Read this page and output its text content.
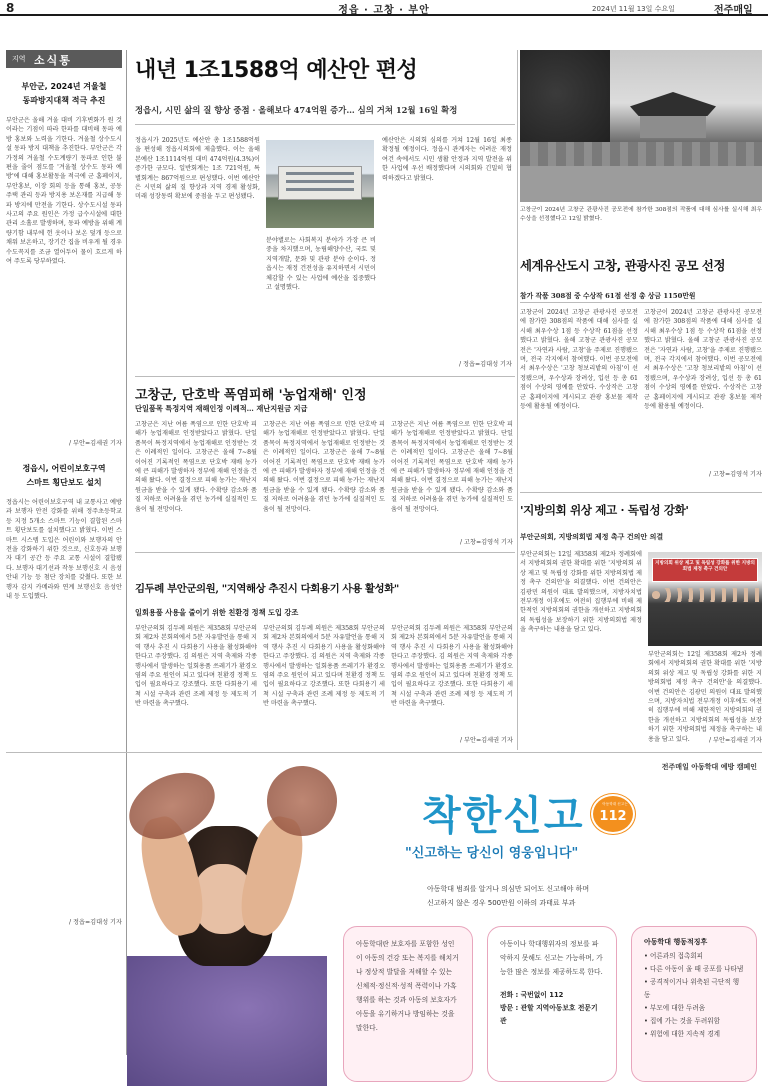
8	정읍 · 고창 · 부안	2024년 11월 13일 수요일	전주매일
지역 소식통
부안군, 2024년 겨울철
동파방지대책 적극 추진
부안군은 올해 겨울 대비 기후변화가 원 것이라는 기점이 따라 한파를 대비해 동파 예방 홍보와 노력을 기한다. 겨울철 상수도시설 동파 방지 대책을 추진한다. 부안군은 각 가정의 겨울철 수도계량기 동파로 인한 불편을 줄이 점도를 '겨울철 상수도 동파 예방'에 대해 홍보활동을 적극에 군 홈페이지, 부안홍보, 이장 회의 등을 통해 홍보, 공동주택 관리 등과 방지용 보온재를 지급해 동파 방지에 만전을 기한다. 상수도시설 동파 사고의 주요 원인은 가정 급수시설에 대한 관리 소홀로 발생하며, 동파 예방을 위해 계량기함 내부에 헌 옷이나 보온 덮개 등으로 채워 보온하고, 장기간 집을 비우게 될 경우 수도꼭지를 조금 열어두어 물이 흐르게 하여 주도록 당부하였다.
/ 부안=김세권 기자
정읍시, 어린이보호구역
스마트 횡단보도 설치
정읍시는 어린이보호구역 내 교통사고 예방과 보행자 안전 강화를 위해 정주초등학교 등 지정 5개소 스마트 기능이 결합된 스마트 횡단보도를 설치했다고 밝혔다. 이번 스마트 시스템 도입은 어린이와 보행자의 안전을 강화하기 위한 것으로, 신호등과 보행자 대기 공간 등 주요 교통 시설이 결합됐다. 보행자 대기선과 작동 보행신호 시 음성안내 기능 등 첨단 장치를 갖췄다. 또한 보행자 감지 카메라와 연계 보행신호 음성안내 등 도입했다.
/ 정읍=김대성 기자
내년 1조1588억 예산안 편성
정읍시, 시민 삶의 질 향상 중점 · 올해보다 474억원 증가… 심의 거쳐 12월 16일 확정
정읍시가 2025년도 예산안 총 1조1588억원을 편성해 정읍시의회에 제출했다. 이는 올해 본예산 1조1114억원 대비 474억원(4.3%)이 증가한 규모다. 일반회계는 1조 721억원, 특별회계는 867억원으로 편성했다. 이번 예산안은 시민의 삶의 질 향상과 지역 경제 활성화, 미래 성장동력 확보에 중점을 두고 편성됐다.
분야별로는 사회복지 분야가 가장 큰 비중을 차지했으며, 농림해양수산, 국토 및 지역개발, 문화 및 관광 분야 순이다. 정읍시는 재정 건전성을 유지하면서 시민이 체감할 수 있는 사업에 예산을 집중했다고 설명했다.
예산안은 시의회 심의를 거쳐 12월 16일 최종 확정될 예정이다. 정읍시 관계자는 어려운 재정 여건 속에서도 시민 생활 안정과 지역 발전을 위한 사업에 우선 배정했다며 시의회와 긴밀히 협력하겠다고 밝혔다.
/ 정읍=김대성 기자
고창군이 2024년 고창군 관광사진 공모전에 참가한 308점의 작품에 대해 심사를 실시해 최우수상을 선정했다고 12일 밝혔다.
세계유산도시 고창, 관광사진 공모 선정
참가 작품 308점 중 수상작 61점 선정 총 상금 1150만원
고창군이 2024년 고창군 관광사진 공모전에 참가한 308점의 작품에 대해 심사를 실시해 최우수상 1점 등 수상작 61점을 선정했다고 밝혔다. 올해 고창군 관광사진 공모전은 '자연과 사람, 고창'을 주제로 진행됐으며, 전국 각지에서 참여했다. 이번 공모전에서 최우수상은 '고창 청보리밭의 아침'이 선정됐으며, 우수상과 장려상, 입선 등 총 61점이 수상의 영예를 안았다. 수상작은 고창군 홈페이지에 게시되고 관광 홍보물 제작 등에 활용될 예정이다.
고창군이 2024년 고창군 관광사진 공모전에 참가한 308점의 작품에 대해 심사를 실시해 최우수상 1점 등 수상작 61점을 선정했다고 밝혔다. 올해 고창군 관광사진 공모전은 '자연과 사람, 고창'을 주제로 진행됐으며, 전국 각지에서 참여했다. 이번 공모전에서 최우수상은 '고창 청보리밭의 아침'이 선정됐으며, 우수상과 장려상, 입선 등 총 61점이 수상의 영예를 안았다. 수상작은 고창군 홈페이지에 게시되고 관광 홍보물 제작 등에 활용될 예정이다.
/ 고창=김영석 기자
고창군, 단호박 폭염피해 '농업재해' 인정
단일품목 특정지역 재해인정 이례적… 재난지원금 지급
고창군은 지난 여름 폭염으로 인한 단호박 피해가 농업재해로 인정받았다고 밝혔다. 단일품목이 특정지역에서 농업재해로 인정받는 것은 이례적인 일이다. 고창군은 올해 7~8월 이어진 기록적인 폭염으로 단호박 재배 농가에 큰 피해가 발생하자 정부에 재해 인정을 건의해 왔다. 이번 결정으로 피해 농가는 재난지원금을 받을 수 있게 됐다. 수확량 감소와 품질 저하로 어려움을 겪던 농가에 실질적인 도움이 될 전망이다.
고창군은 지난 여름 폭염으로 인한 단호박 피해가 농업재해로 인정받았다고 밝혔다. 단일품목이 특정지역에서 농업재해로 인정받는 것은 이례적인 일이다. 고창군은 올해 7~8월 이어진 기록적인 폭염으로 단호박 재배 농가에 큰 피해가 발생하자 정부에 재해 인정을 건의해 왔다. 이번 결정으로 피해 농가는 재난지원금을 받을 수 있게 됐다. 수확량 감소와 품질 저하로 어려움을 겪던 농가에 실질적인 도움이 될 전망이다.
고창군은 지난 여름 폭염으로 인한 단호박 피해가 농업재해로 인정받았다고 밝혔다. 단일품목이 특정지역에서 농업재해로 인정받는 것은 이례적인 일이다. 고창군은 올해 7~8월 이어진 기록적인 폭염으로 단호박 재배 농가에 큰 피해가 발생하자 정부에 재해 인정을 건의해 왔다. 이번 결정으로 피해 농가는 재난지원금을 받을 수 있게 됐다. 수확량 감소와 품질 저하로 어려움을 겪던 농가에 실질적인 도움이 될 전망이다.
/ 고창=김영석 기자
김두례 부안군의원, "지역해상 추진시 다회용기 사용 활성화"
일회용품 사용을 줄이기 위한 친환경 정책 도입 강조
부안군의회 김두례 의원은 제358회 부안군의회 제2차 본회의에서 5분 자유발언을 통해 지역 행사 추진 시 다회용기 사용을 활성화해야 한다고 주장했다. 김 의원은 지역 축제와 각종 행사에서 발생하는 일회용품 쓰레기가 환경오염의 주요 원인이 되고 있다며 친환경 정책 도입이 필요하다고 강조했다. 또한 다회용기 세척 시설 구축과 관련 조례 제정 등 제도적 기반 마련을 촉구했다.
부안군의회 김두례 의원은 제358회 부안군의회 제2차 본회의에서 5분 자유발언을 통해 지역 행사 추진 시 다회용기 사용을 활성화해야 한다고 주장했다. 김 의원은 지역 축제와 각종 행사에서 발생하는 일회용품 쓰레기가 환경오염의 주요 원인이 되고 있다며 친환경 정책 도입이 필요하다고 강조했다. 또한 다회용기 세척 시설 구축과 관련 조례 제정 등 제도적 기반 마련을 촉구했다.
부안군의회 김두례 의원은 제358회 부안군의회 제2차 본회의에서 5분 자유발언을 통해 지역 행사 추진 시 다회용기 사용을 활성화해야 한다고 주장했다. 김 의원은 지역 축제와 각종 행사에서 발생하는 일회용품 쓰레기가 환경오염의 주요 원인이 되고 있다며 친환경 정책 도입이 필요하다고 강조했다. 또한 다회용기 세척 시설 구축과 관련 조례 제정 등 제도적 기반 마련을 촉구했다.
/ 부안=김세권 기자
'지방의회 위상 제고 · 독립성 강화'
부안군의회, 지방의회법 제정 촉구 건의안 의결
부안군의회는 12일 제358회 제2차 정례회에서 지방의회의 권한 확대를 위한 '지방의회 위상 제고 및 독립성 강화를 위한 지방의회법 제정 촉구 건의안'을 의결했다. 이번 건의안은 김광민 의원이 대표 발의했으며, 지방자치법 전부개정 이후에도 여전히 집행부에 비해 제한적인 지방의회의 권한을 개선하고 지방의회의 독립성을 보장하기 위한 지방의회법 제정을 촉구하는 내용을 담고 있다.
지방의회 위상 제고 및 독립성 강화를 위한 지방의회법 제정 촉구 건의안
부안군의회는 12일 제358회 제2차 정례회에서 지방의회의 권한 확대를 위한 '지방의회 위상 제고 및 독립성 강화를 위한 지방의회법 제정 촉구 건의안'을 의결했다. 이번 건의안은 김광민 의원이 대표 발의했으며, 지방자치법 전부개정 이후에도 여전히 집행부에 비해 제한적인 지방의회의 권한을 개선하고 지방의회의 독립성을 보장하기 위한 지방의회법 제정을 촉구하는 내용을 담고 있다.	/ 부안=김세권 기자
전주매일 아동학대 예방 캠페인
착한신고	아동학대 신고는
112
"신고하는 당신이 영웅입니다"
아동학대 범죄를 알거나 의심만 되어도 신고해야 하며
신고하지 않은 경우 500만원 이하의 과태료 부과
아동학대란 보호자를 포함한 성인이 아동의 건강 또는 복지를 해치거나 정상적 발달을 저해할 수 있는 신체적·정신적·성적 폭력이나 가혹행위를 하는 것과 아동의 보호자가 아동을 유기하거나 방임하는 것을 말한다.
아동이나 학대행위자의 정보를 파악하지 못해도 신고는 가능하며, 가능한 많은 정보를 제공하도록 한다.
전화 : 국번없이 112
방문 : 관할 지역아동보호 전문기관
아동학대 행동적징후
• 어른과의 접촉회피
• 다른 아동이 울 때 공포를 나타냄
• 공격적이거나 위축된 극단적 행동
• 부모에 대한 두려움
• 집에 가는 것을 두려워함
• 위험에 대한 지속적 경계
